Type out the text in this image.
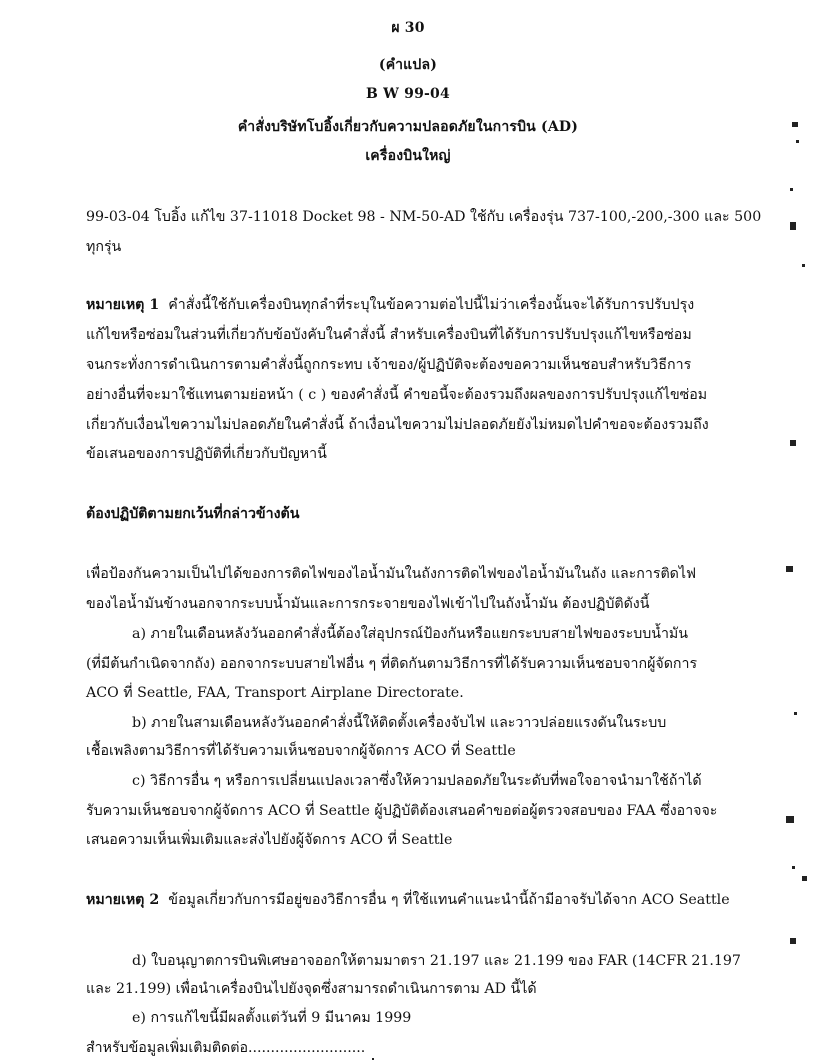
ผ 30
(คำแปล)
B W 99-04
คำสั่งบริษัทโบอิ้งเกี่ยวกับความปลอดภัยในการบิน (AD)
เครื่องบินใหญ่
99-03-04 โบอิ้ง แก้ไข 37-11018 Docket 98 - NM-50-AD ใช้กับ เครื่องรุ่น 737-100,-200,-300 และ 500
ทุกรุ่น
หมายเหตุ 1 คำสั่งนี้ใช้กับเครื่องบินทุกลำที่ระบุในข้อความต่อไปนี้ไม่ว่าเครื่องนั้นจะได้รับการปรับปรุง
แก้ไขหรือซ่อมในส่วนที่เกี่ยวกับข้อบังคับในคำสั่งนี้ สำหรับเครื่องบินที่ได้รับการปรับปรุงแก้ไขหรือซ่อม
จนกระทั่งการดำเนินการตามคำสั่งนี้ถูกกระทบ เจ้าของ/ผู้ปฏิบัติจะต้องขอความเห็นชอบสำหรับวิธีการ
อย่างอื่นที่จะมาใช้แทนตามย่อหน้า ( c ) ของคำสั่งนี้ คำขอนี้จะต้องรวมถึงผลของการปรับปรุงแก้ไขซ่อม
เกี่ยวกับเงื่อนไขความไม่ปลอดภัยในคำสั่งนี้ ถ้าเงื่อนไขความไม่ปลอดภัยยังไม่หมดไปคำขอจะต้องรวมถึง
ข้อเสนอของการปฏิบัติที่เกี่ยวกับปัญหานี้
ต้องปฏิบัติตามยกเว้นที่กล่าวข้างต้น
เพื่อป้องกันความเป็นไปได้ของการติดไฟของไอน้ำมันในถังการติดไฟของไอน้ำมันในถัง และการติดไฟ
ของไอน้ำมันข้างนอกจากระบบน้ำมันและการกระจายของไฟเข้าไปในถังน้ำมัน ต้องปฏิบัติดังนี้
a) ภายในเดือนหลังวันออกคำสั่งนี้ต้องใส่อุปกรณ์ป้องกันหรือแยกระบบสายไฟของระบบน้ำมัน
(ที่มีต้นกำเนิดจากถัง) ออกจากระบบสายไฟอื่น ๆ ที่ติดกันตามวิธีการที่ได้รับความเห็นชอบจากผู้จัดการ
ACO ที่ Seattle, FAA, Transport Airplane Directorate.
b) ภายในสามเดือนหลังวันออกคำสั่งนี้ให้ติดตั้งเครื่องจับไฟ และวาวปล่อยแรงดันในระบบ
เชื้อเพลิงตามวิธีการที่ได้รับความเห็นชอบจากผู้จัดการ ACO ที่ Seattle
c) วิธีการอื่น ๆ หรือการเปลี่ยนแปลงเวลาซึ่งให้ความปลอดภัยในระดับที่พอใจอาจนำมาใช้ถ้าได้
รับความเห็นชอบจากผู้จัดการ ACO ที่ Seattle ผู้ปฏิบัติต้องเสนอคำขอต่อผู้ตรวจสอบของ FAA ซึ่งอาจจะ
เสนอความเห็นเพิ่มเติมและส่งไปยังผู้จัดการ ACO ที่ Seattle
หมายเหตุ 2 ข้อมูลเกี่ยวกับการมีอยู่ของวิธีการอื่น ๆ ที่ใช้แทนคำแนะนำนี้ถ้ามีอาจรับได้จาก ACO Seattle
d) ใบอนุญาตการบินพิเศษอาจออกให้ตามมาตรา 21.197 และ 21.199 ของ FAR (14CFR 21.197
และ 21.199) เพื่อนำเครื่องบินไปยังจุดซึ่งสามารถดำเนินการตาม AD นี้ได้
e) การแก้ไขนี้มีผลตั้งแต่วันที่ 9 มีนาคม 1999
สำหรับข้อมูลเพิ่มเติมติดต่อ..........................
